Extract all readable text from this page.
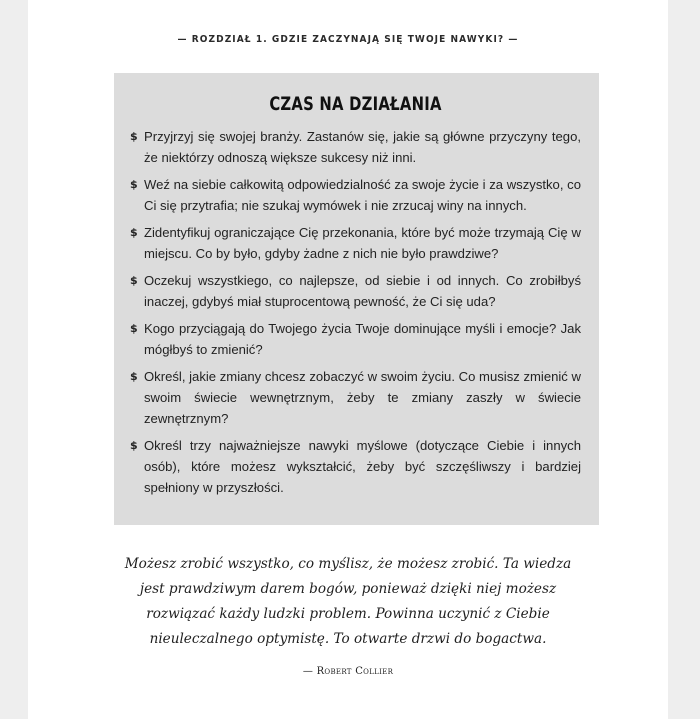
— ROZDZIAŁ 1. GDZIE ZACZYNAJĄ SIĘ TWOJE NAWYKI? —
CZAS NA DZIAŁANIA
$ Przyjrzyj się swojej branży. Zastanów się, jakie są główne przyczyny tego, że niektórzy odnoszą większe sukcesy niż inni.
$ Weź na siebie całkowitą odpowiedzialność za swoje życie i za wszystko, co Ci się przytrafia; nie szukaj wymówek i nie zrzucaj winy na innych.
$ Zidentyfikuj ograniczające Cię przekonania, które być może trzymają Cię w miejscu. Co by było, gdyby żadne z nich nie było prawdziwe?
$ Oczekuj wszystkiego, co najlepsze, od siebie i od innych. Co zrobiłbyś inaczej, gdybyś miał stuprocentową pewność, że Ci się uda?
$ Kogo przyciągają do Twojego życia Twoje dominujące myśli i emocje? Jak mógłbyś to zmienić?
$ Określ, jakie zmiany chcesz zobaczyć w swoim życiu. Co musisz zmienić w swoim świecie wewnętrznym, żeby te zmiany zaszły w świecie zewnętrznym?
$ Określ trzy najważniejsze nawyki myślowe (dotyczące Ciebie i innych osób), które możesz wykształcić, żeby być szczęśliwszy i bardziej spełniony w przyszłości.
Możesz zrobić wszystko, co myślisz, że możesz zrobić. Ta wiedza
jest prawdziwym darem bogów, ponieważ dzięki niej możesz
rozwiązać każdy ludzki problem. Powinna uczynić z Ciebie
nieuleczalnego optymistę. To otwarte drzwi do bogactwa.
— Robert Collier
